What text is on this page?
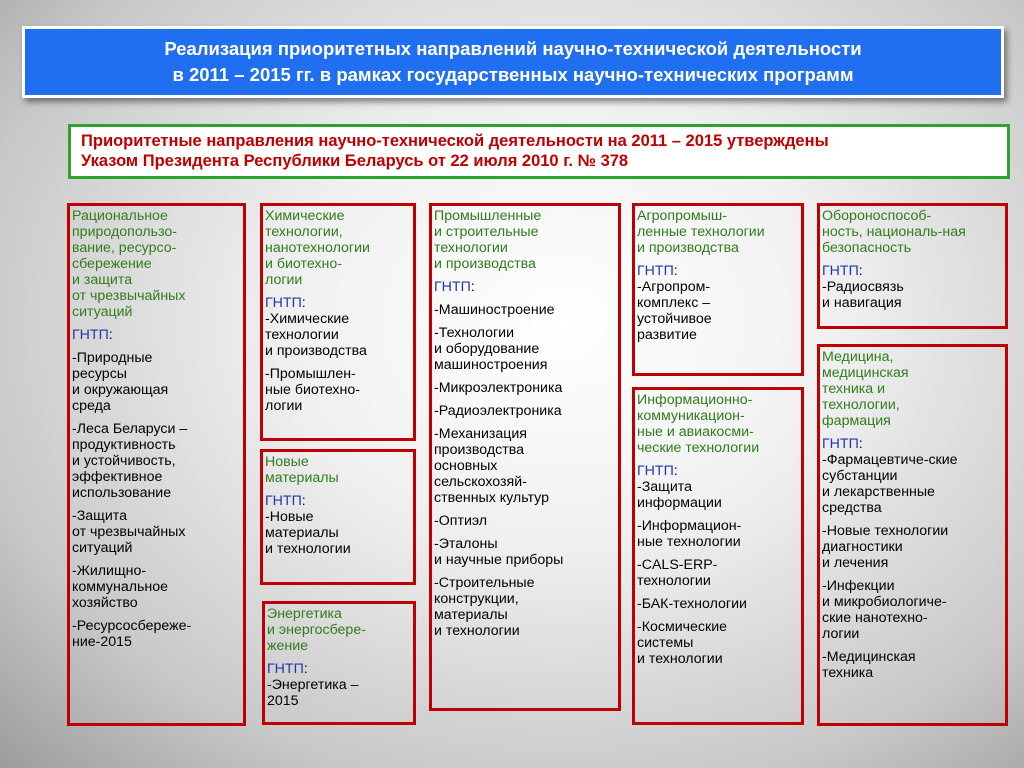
Реализация приоритетных направлений научно-технической деятельности
в 2011 – 2015 гг. в рамках государственных научно-технических программ
Приоритетные направления научно-технической деятельности на 2011 – 2015 утверждены
Указом Президента Республики Беларусь от 22 июля 2010 г. № 378
Рациональное
природопользо-
вание, ресурсо-
сбережение
и защита
от чрезвычайных
ситуаций
ГНТП:
-Природные
ресурсы
и окружающая
среда
-Леса Беларуси –
продуктивность
и устойчивость,
эффективное
использование
-Защита
от чрезвычайных
ситуаций
-Жилищно-
коммунальное
хозяйство
-Ресурсосбереже-
ние-2015
Химические
технологии,
нанотехнологии
и биотехно-
логии
ГНТП:
-Химические
технологии
и производства
-Промышлен-
ные биотехно-
логии
Новые
материалы
ГНТП:
-Новые
материалы
и технологии
Энергетика
и энергосбере-
жение
ГНТП:
-Энергетика –
2015
Промышленные
и строительные
технологии
и производства
ГНТП:
-Машиностроение
-Технологии
и оборудование
машиностроения
-Микроэлектроника
-Радиоэлектроника
-Механизация
производства
основных
сельскохозяй-
ственных культур
-Оптиэл
-Эталоны
и научные приборы
-Строительные
конструкции,
материалы
и технологии
Агропромыш-
ленные технологии
и производства
ГНТП:
-Агропром-
комплекс –
устойчивое
развитие
Информационно-
коммуникацион-
ные и авиакосми-
ческие технологии
ГНТП:
-Защита
информации
-Информацион-
ные технологии
-CALS-ERP-
технологии
-БАК-технологии
-Космические
системы
и технологии
Обороноспособ-
ность, националь-ная
безопасность
ГНТП:
-Радиосвязь
и навигация
Медицина,
медицинская
техника и
технологии,
фармация
ГНТП:
-Фармацевтиче-ские
субстанции
и лекарственные
средства
-Новые технологии
диагностики
и лечения
-Инфекции
и микробиологиче-
ские нанотехно-
логии
-Медицинская
техника
